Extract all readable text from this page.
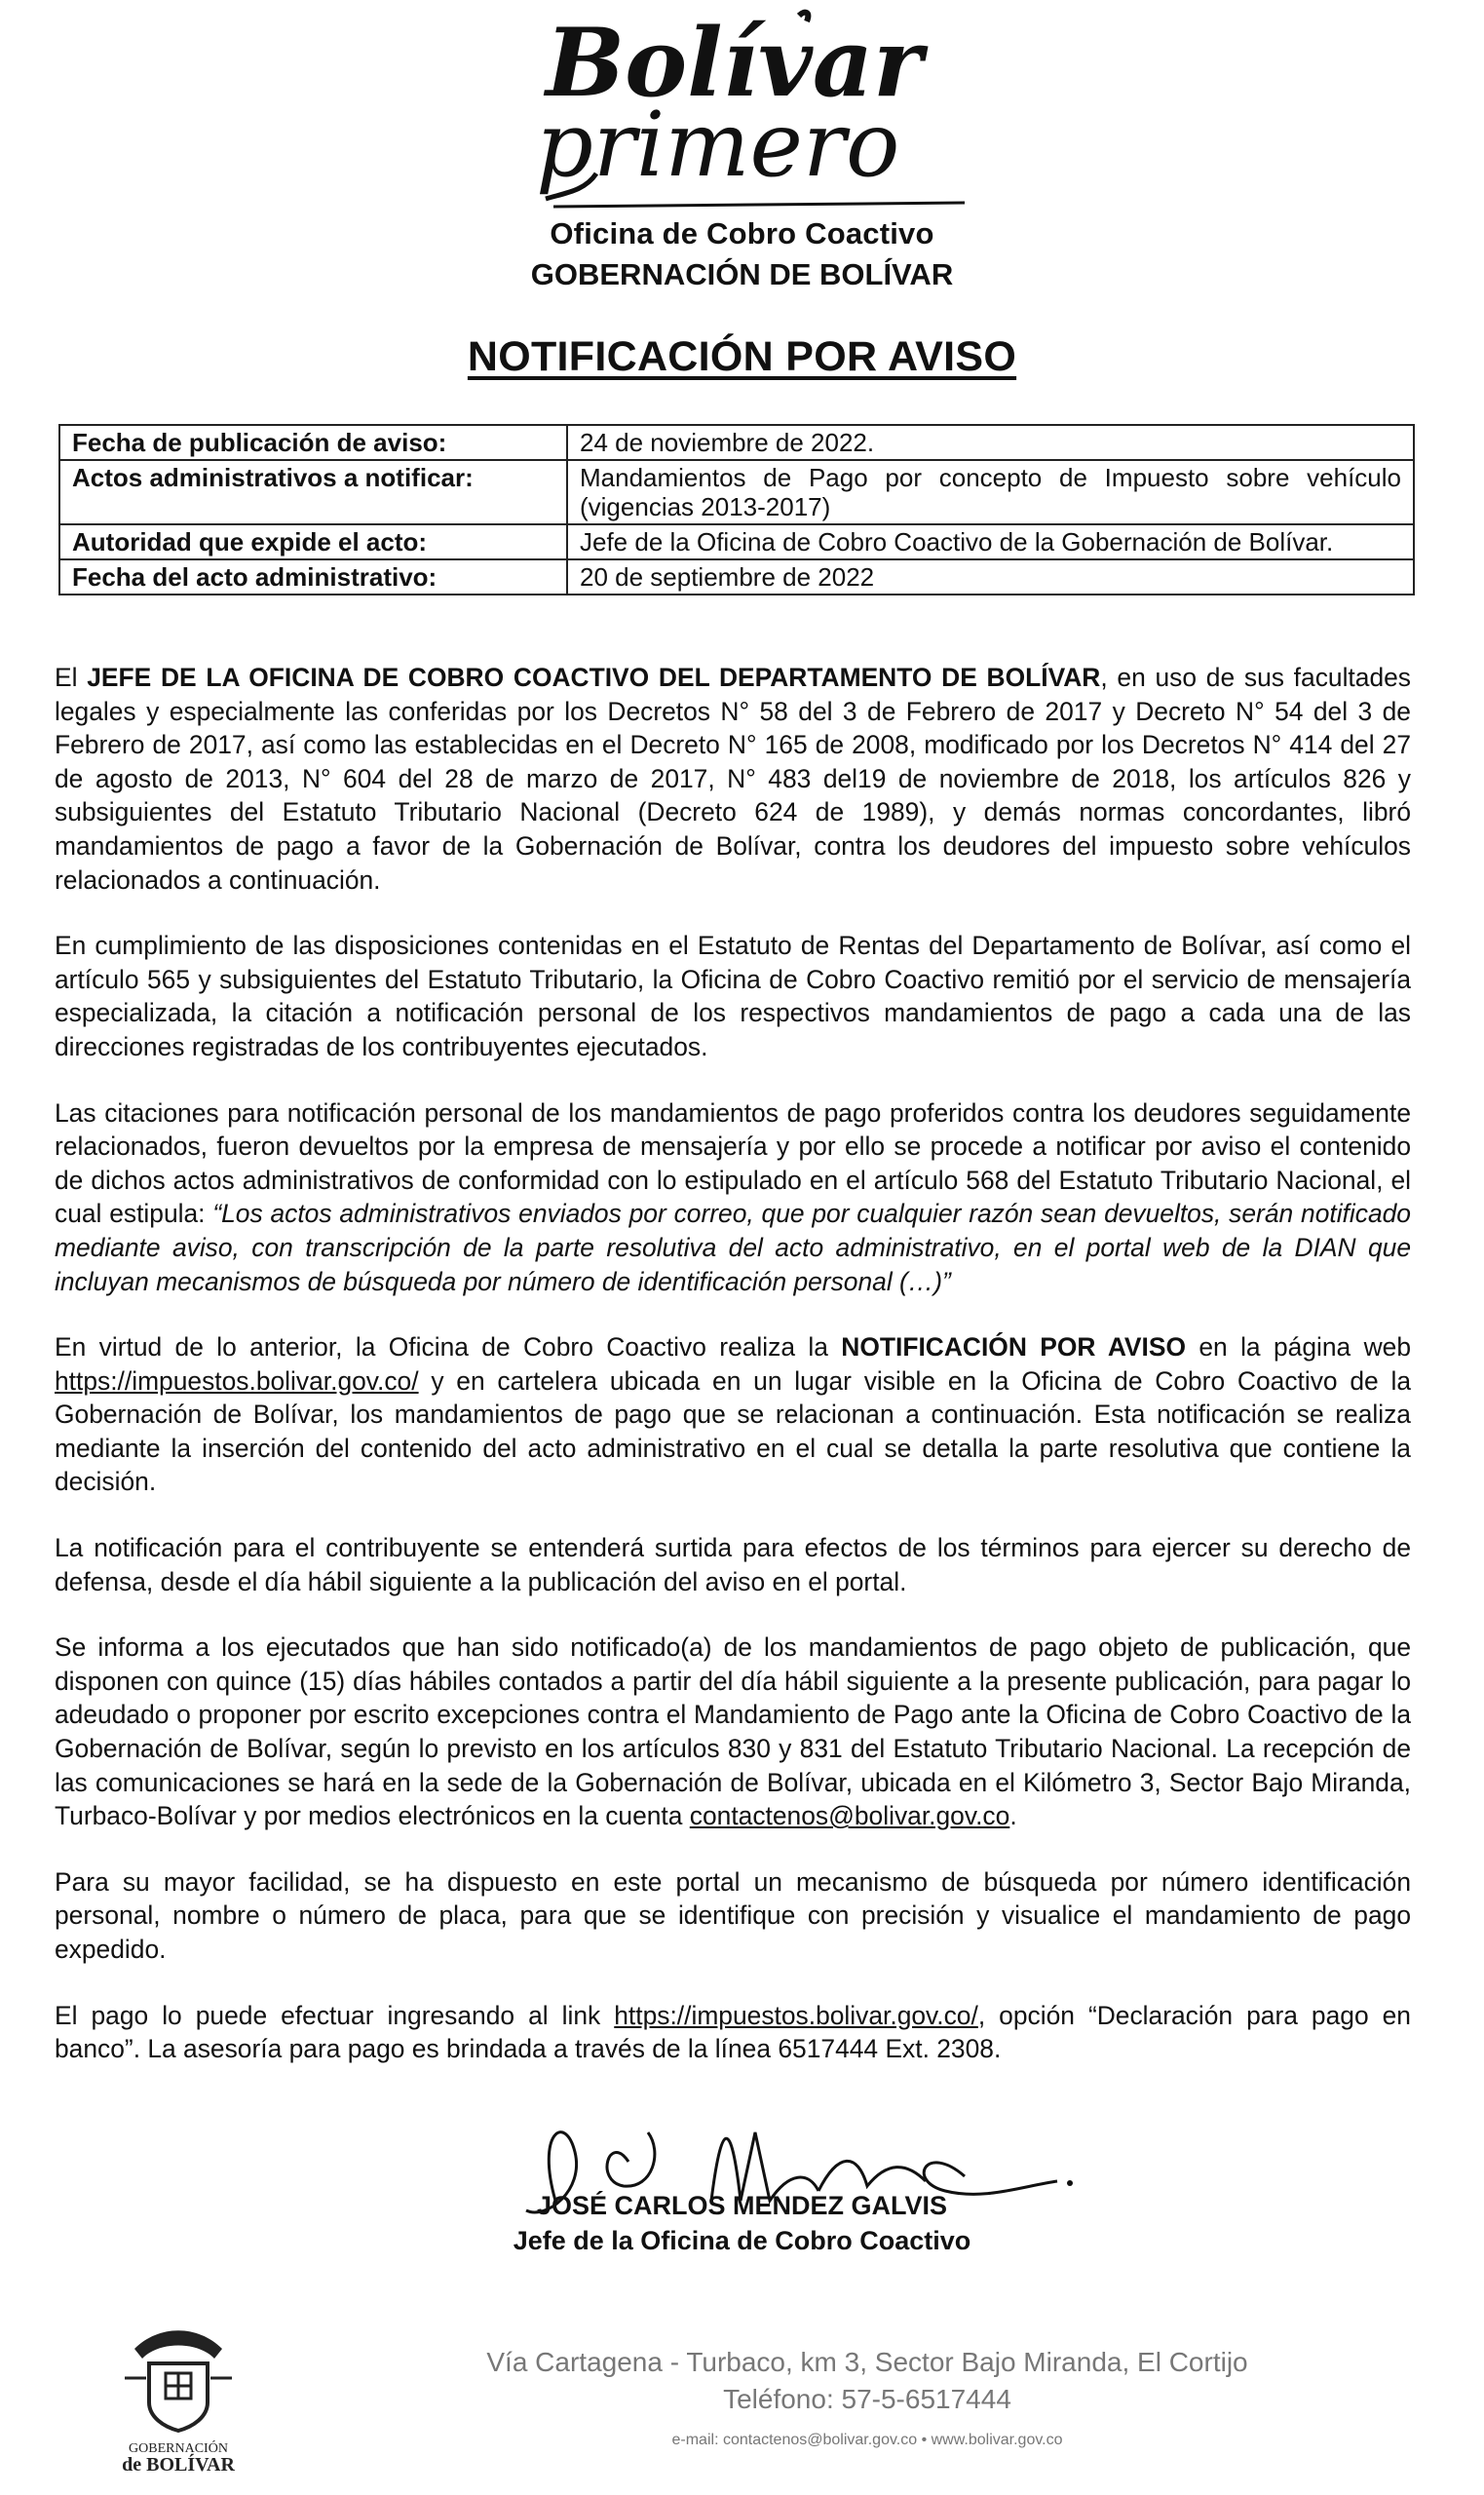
Bolívar
primero
Oficina de Cobro Coactivo
GOBERNACIÓN DE BOLÍVAR
NOTIFICACIÓN POR AVISO
Fecha de publicación de aviso:	24 de noviembre de 2022.
Actos administrativos a notificar:	Mandamientos de Pago por concepto de Impuesto sobre vehículo (vigencias 2013-2017)
Autoridad que expide el acto:	Jefe de la Oficina de Cobro Coactivo de la Gobernación de Bolívar.
Fecha del acto administrativo:	20 de septiembre de 2022

El JEFE DE LA OFICINA DE COBRO COACTIVO DEL DEPARTAMENTO DE BOLÍVAR, en uso de sus facultades legales y especialmente las conferidas por los Decretos N° 58 del 3 de Febrero de 2017 y Decreto N° 54 del 3 de Febrero de 2017, así como las establecidas en el Decreto N° 165 de 2008, modificado por los Decretos N° 414 del 27 de agosto de 2013, N° 604 del 28 de marzo de 2017, N° 483 del19 de noviembre de 2018, los artículos 826 y subsiguientes del Estatuto Tributario Nacional (Decreto 624 de 1989), y demás normas concordantes, libró mandamientos de pago a favor de la Gobernación de Bolívar, contra los deudores del impuesto sobre vehículos relacionados a continuación.

En cumplimiento de las disposiciones contenidas en el Estatuto de Rentas del Departamento de Bolívar, así como el artículo 565 y subsiguientes del Estatuto Tributario, la Oficina de Cobro Coactivo remitió por el servicio de mensajería especializada, la citación a notificación personal de los respectivos mandamientos de pago a cada una de las direcciones registradas de los contribuyentes ejecutados.

Las citaciones para notificación personal de los mandamientos de pago proferidos contra los deudores seguidamente relacionados, fueron devueltos por la empresa de mensajería y por ello se procede a notificar por aviso el contenido de dichos actos administrativos de conformidad con lo estipulado en el artículo 568 del Estatuto Tributario Nacional, el cual estipula: “Los actos administrativos enviados por correo, que por cualquier razón sean devueltos, serán notificado mediante aviso, con transcripción de la parte resolutiva del acto administrativo, en el portal web de la DIAN que incluyan mecanismos de búsqueda por número de identificación personal (…)”

En virtud de lo anterior, la Oficina de Cobro Coactivo realiza la NOTIFICACIÓN POR AVISO en la página web https://impuestos.bolivar.gov.co/ y en cartelera ubicada en un lugar visible en la Oficina de Cobro Coactivo de la Gobernación de Bolívar, los mandamientos de pago que se relacionan a continuación. Esta notificación se realiza mediante la inserción del contenido del acto administrativo en el cual se detalla la parte resolutiva que contiene la decisión.

La notificación para el contribuyente se entenderá surtida para efectos de los términos para ejercer su derecho de defensa, desde el día hábil siguiente a la publicación del aviso en el portal.

Se informa a los ejecutados que han sido notificado(a) de los mandamientos de pago objeto de publicación, que disponen con quince (15) días hábiles contados a partir del día hábil siguiente a la presente publicación, para pagar lo adeudado o proponer por escrito excepciones contra el Mandamiento de Pago ante la Oficina de Cobro Coactivo de la Gobernación de Bolívar, según lo previsto en los artículos 830 y 831 del Estatuto Tributario Nacional. La recepción de las comunicaciones se hará en la sede de la Gobernación de Bolívar, ubicada en el Kilómetro 3, Sector Bajo Miranda, Turbaco-Bolívar y por medios electrónicos en la cuenta contactenos@bolivar.gov.co.

Para su mayor facilidad, se ha dispuesto en este portal un mecanismo de búsqueda por número identificación personal, nombre o número de placa, para que se identifique con precisión y visualice el mandamiento de pago expedido.

El pago lo puede efectuar ingresando al link https://impuestos.bolivar.gov.co/, opción “Declaración para pago en banco”. La asesoría para pago es brindada a través de la línea 6517444 Ext. 2308.

JOSÉ CARLOS MENDEZ GALVIS
Jefe de la Oficina de Cobro Coactivo
GOBERNACIÓN
de BOLÍVAR
Vía Cartagena - Turbaco, km 3, Sector Bajo Miranda, El Cortijo
Teléfono: 57-5-6517444
e-mail: contactenos@bolivar.gov.co • www.bolivar.gov.co
